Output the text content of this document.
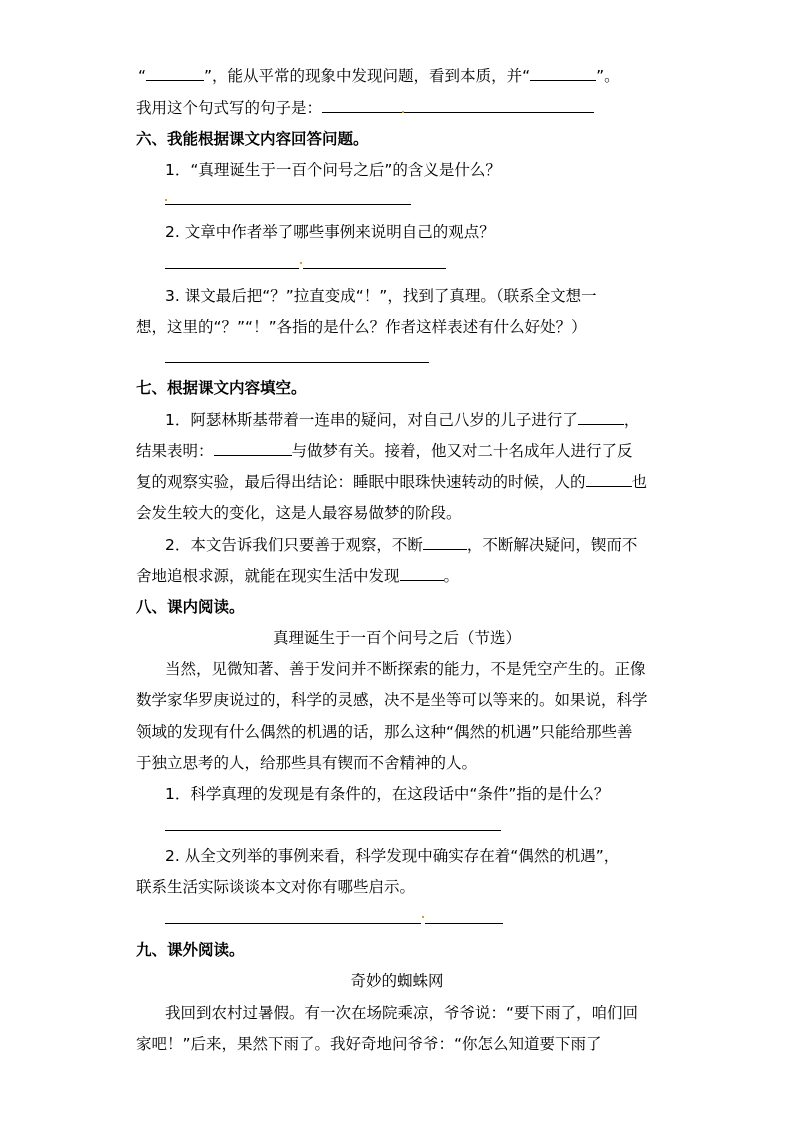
“	”，能从平常的现象中发现问题，看到本质，并“	”。
我用这个句式写的句子是：
六、我能根据课文内容回答问题。
1．“真理诞生于一百个问号之后”的含义是什么？
2. 文章中作者举了哪些事例来说明自己的观点？
3. 课文最后把“？”拉直变成“！”，找到了真理。（联系全文想一
想，这里的“？”“！”各指的是什么？作者这样表述有什么好处？）
七、根据课文内容填空。
1．阿瑟林斯基带着一连串的疑问，对自己八岁的儿子进行了	，
结果表明：	与做梦有关。接着，他又对二十名成年人进行了反
复的观察实验，最后得出结论：睡眠中眼珠快速转动的时候，人的	也
会发生较大的变化，这是人最容易做梦的阶段。
2．本文告诉我们只要善于观察，不断	，不断解决疑问，锲而不
舍地追根求源，就能在现实生活中发现	。
八、课内阅读。
真理诞生于一百个问号之后（节选）
当然，见微知著、善于发问并不断探索的能力，不是凭空产生的。正像
数学家华罗庚说过的，科学的灵感，决不是坐等可以等来的。如果说，科学
领域的发现有什么偶然的机遇的话，那么这种“偶然的机遇”只能给那些善
于独立思考的人，给那些具有锲而不舍精神的人。
1．科学真理的发现是有条件的，在这段话中“条件”指的是什么？
2. 从全文列举的事例来看，科学发现中确实存在着“偶然的机遇”，
联系生活实际谈谈本文对你有哪些启示。
九、课外阅读。
奇妙的蜘蛛网
我回到农村过暑假。有一次在场院乘凉，爷爷说：“要下雨了，咱们回
家吧！”后来，果然下雨了。我好奇地问爷爷：“你怎么知道要下雨了
